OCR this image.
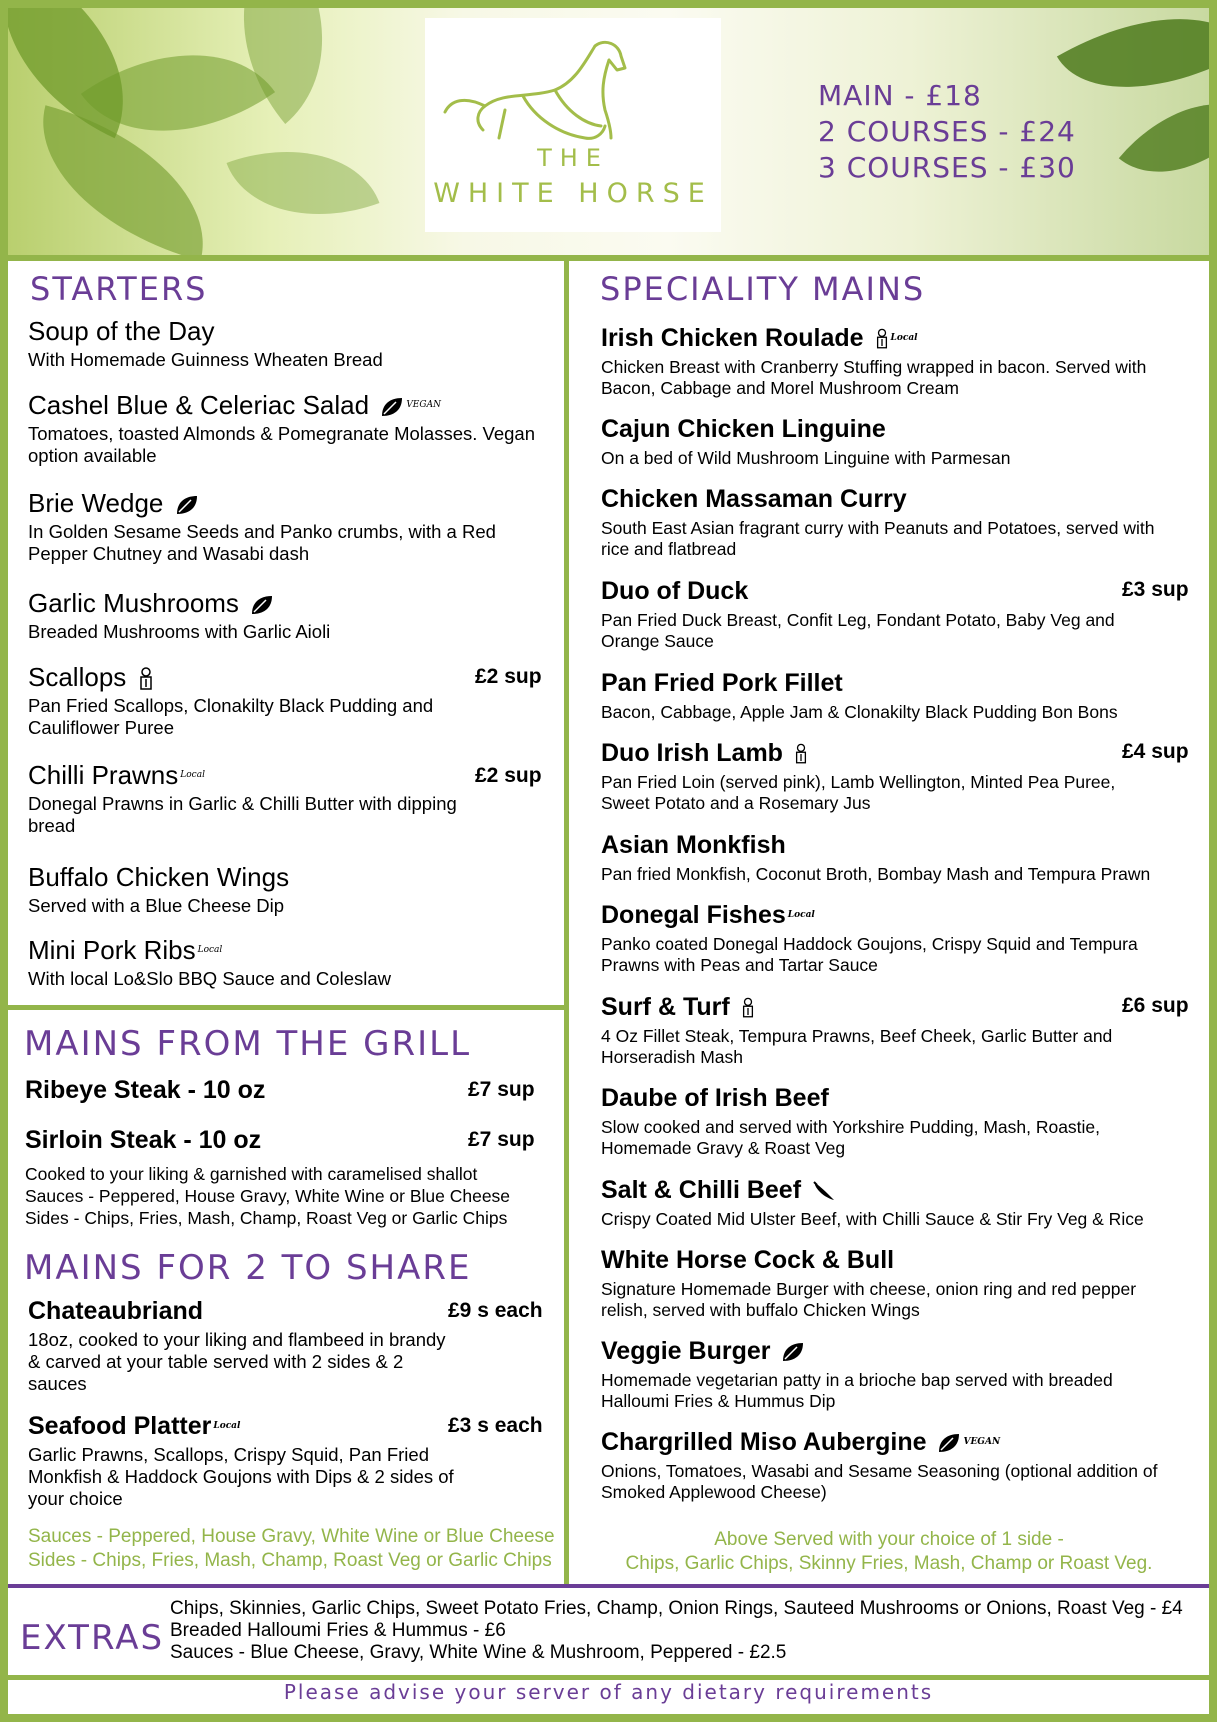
THE
WHITE HORSE
MAIN - £18
2 COURSES - £24
3 COURSES - £30
STARTERS
Soup of the Day
With Homemade Guinness Wheaten Bread
Cashel Blue & Celeriac Salad	$^{VEGAN}$
Tomatoes, toasted Almonds & Pomegranate Molasses. Vegan option available
Brie Wedge
In Golden Sesame Seeds and Panko crumbs, with a Red Pepper Chutney and Wasabi dash
Garlic Mushrooms
Breaded Mushrooms with Garlic Aioli
Scallops
Pan Fried Scallops, Clonakilty Black Pudding and Cauliflower Puree
£2 sup
Chilli Prawns $^{Local}$
Donegal Prawns in Garlic & Chilli Butter with dipping bread
£2 sup
Buffalo Chicken Wings
Served with a Blue Cheese Dip
Mini Pork Ribs $^{Local}$
With local Lo&Slo BBQ Sauce and Coleslaw
MAINS FROM THE GRILL
Ribeye Steak - 10 oz	£7 sup
Sirloin Steak - 10 oz	£7 sup
Cooked to your liking & garnished with caramelised shallot
Sauces - Peppered, House Gravy, White Wine or Blue Cheese
Sides - Chips, Fries, Mash, Champ, Roast Veg or Garlic Chips
MAINS FOR 2 TO SHARE
Chateaubriand
18oz, cooked to your liking and flambeed in brandy & carved at your table served with 2 sides & 2 sauces
£9 s each
Seafood Platter $^{Local}$
Garlic Prawns, Scallops, Crispy Squid, Pan Fried Monkfish & Haddock Goujons with Dips & 2 sides of your choice
£3 s each
Sauces - Peppered, House Gravy, White Wine or Blue Cheese
Sides - Chips, Fries, Mash, Champ, Roast Veg or Garlic Chips
SPECIALITY MAINS
Irish Chicken Roulade	$^{Local}$
Chicken Breast with Cranberry Stuffing wrapped in bacon. Served with Bacon, Cabbage and Morel Mushroom Cream
Cajun Chicken Linguine
On a bed of Wild Mushroom Linguine with Parmesan
Chicken Massaman Curry
South East Asian fragrant curry with Peanuts and Potatoes, served with rice and flatbread
Duo of Duck
Pan Fried Duck Breast, Confit Leg, Fondant Potato, Baby Veg and Orange Sauce
£3 sup
Pan Fried Pork Fillet
Bacon, Cabbage, Apple Jam & Clonakilty Black Pudding Bon Bons
Duo Irish Lamb
Pan Fried Loin (served pink), Lamb Wellington, Minted Pea Puree, Sweet Potato and a Rosemary Jus
£4 sup
Asian Monkfish
Pan fried Monkfish, Coconut Broth, Bombay Mash and Tempura Prawn
Donegal Fishes $^{Local}$
Panko coated Donegal Haddock Goujons, Crispy Squid and Tempura Prawns with Peas and Tartar Sauce
Surf & Turf
4 Oz Fillet Steak, Tempura Prawns, Beef Cheek, Garlic Butter and Horseradish Mash
£6 sup
Daube of Irish Beef
Slow cooked and served with Yorkshire Pudding, Mash, Roastie, Homemade Gravy & Roast Veg
Salt & Chilli Beef
Crispy Coated Mid Ulster Beef, with Chilli Sauce & Stir Fry Veg & Rice
White Horse Cock & Bull
Signature Homemade Burger with cheese, onion ring and red pepper relish, served with buffalo Chicken Wings
Veggie Burger
Homemade vegetarian patty in a brioche bap served with breaded Halloumi Fries & Hummus Dip
Chargrilled Miso Aubergine	$^{VEGAN}$
Onions, Tomatoes, Wasabi and Sesame Seasoning (optional addition of Smoked Applewood Cheese)
Above Served with your choice of 1 side -
Chips, Garlic Chips, Skinny Fries, Mash, Champ or Roast Veg.
EXTRAS
Chips, Skinnies, Garlic Chips, Sweet Potato Fries, Champ, Onion Rings, Sauteed Mushrooms or Onions, Roast Veg - £4
Breaded Halloumi Fries & Hummus - £6
Sauces - Blue Cheese, Gravy, White Wine & Mushroom, Peppered - £2.5
Please advise your server of any dietary requirements
